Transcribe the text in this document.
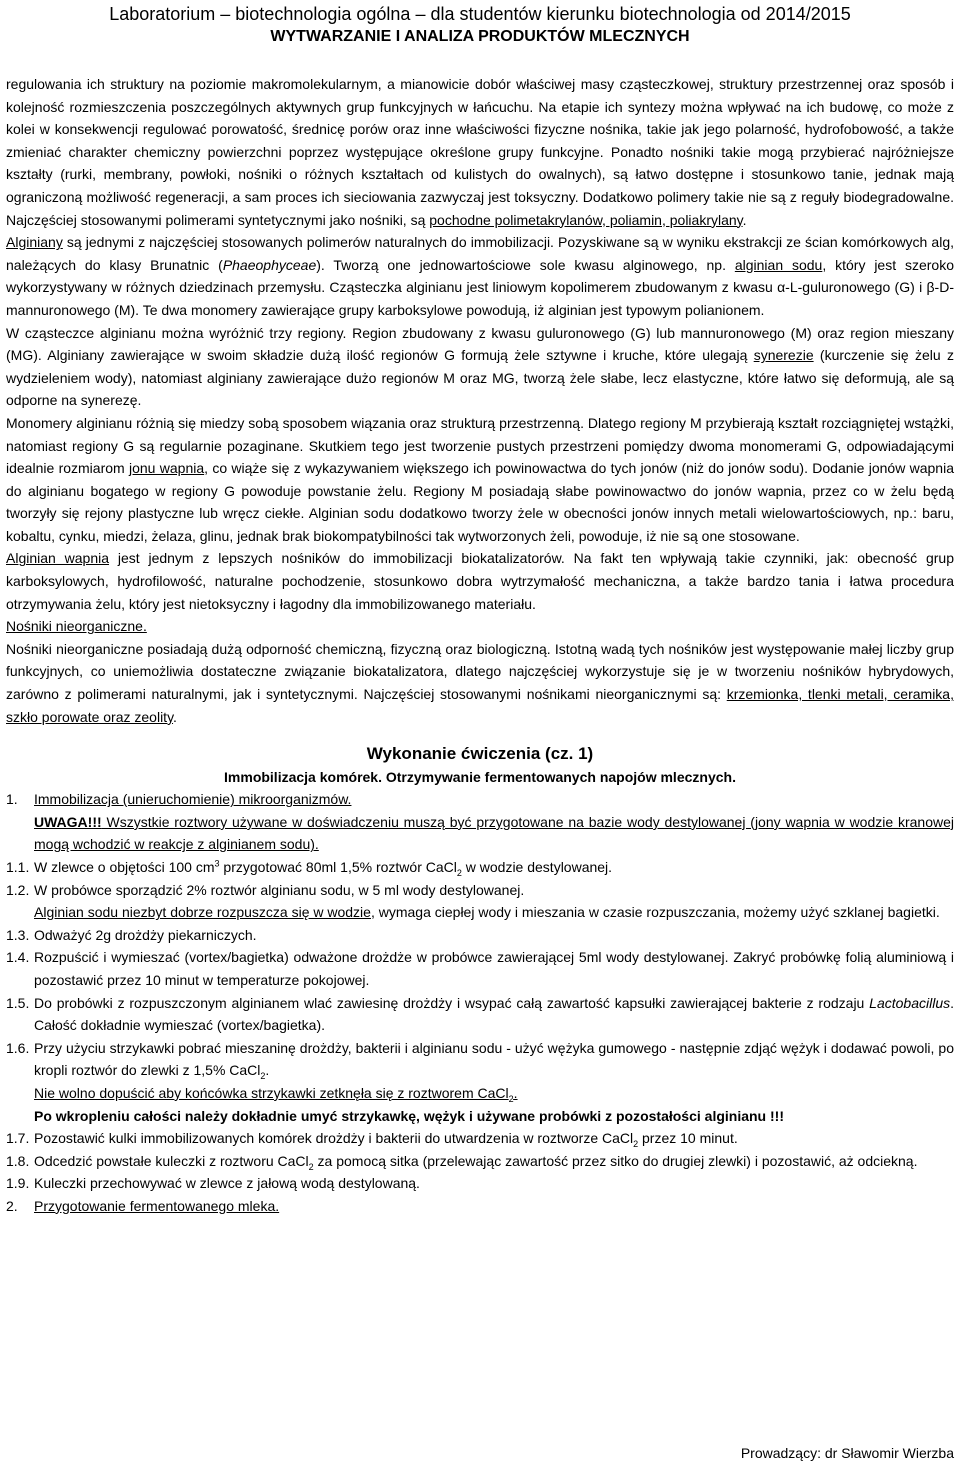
Laboratorium – biotechnologia ogólna – dla studentów kierunku biotechnologia od 2014/2015
WYTWARZANIE I ANALIZA PRODUKTÓW MLECZNYCH

regulowania ich struktury na poziomie makromolekularnym, a mianowicie dobór właściwej masy cząsteczkowej, struktury przestrzennej oraz sposób i kolejność rozmieszczenia poszczególnych aktywnych grup funkcyjnych w łańcuchu. Na etapie ich syntezy można wpływać na ich budowę, co może z kolei w konsekwencji regulować porowatość, średnicę porów oraz inne właściwości fizyczne nośnika, takie jak jego polarność, hydrofobowość, a także zmieniać charakter chemiczny powierzchni poprzez występujące określone grupy funkcyjne. Ponadto nośniki takie mogą przybierać najróżniejsze kształty (rurki, membrany, powłoki, nośniki o różnych kształtach od kulistych do owalnych), są łatwo dostępne i stosunkowo tanie, jednak mają ograniczoną możliwość regeneracji, a sam proces ich sieciowania zazwyczaj jest toksyczny. Dodatkowo polimery takie nie są z reguły biodegradowalne. Najczęściej stosowanymi polimerami syntetycznymi jako nośniki, są pochodne polimetakrylanów, poliamin, poliakrylany.

Alginiany są jednymi z najczęściej stosowanych polimerów naturalnych do immobilizacji. Pozyskiwane są w wyniku ekstrakcji ze ścian komórkowych alg, należących do klasy Brunatnic (Phaeophyceae). Tworzą one jednowartościowe sole kwasu alginowego, np. alginian sodu, który jest szeroko wykorzystywany w różnych dziedzinach przemysłu. Cząsteczka alginianu jest liniowym kopolimerem zbudowanym z kwasu α-L-guluronowego (G) i β-D-mannuronowego (M). Te dwa monomery zawierające grupy karboksylowe powodują, iż alginian jest typowym polianionem.

W cząsteczce alginianu można wyróżnić trzy regiony. Region zbudowany z kwasu guluronowego (G) lub mannuronowego (M) oraz region mieszany (MG). Alginiany zawierające w swoim składzie dużą ilość regionów G formują żele sztywne i kruche, które ulegają synerezie (kurczenie się żelu z wydzieleniem wody), natomiast alginiany zawierające dużo regionów M oraz MG, tworzą żele słabe, lecz elastyczne, które łatwo się deformują, ale są odporne na synerezę.

Monomery alginianu różnią się miedzy sobą sposobem wiązania oraz strukturą przestrzenną. Dlatego regiony M przybierają kształt rozciągniętej wstążki, natomiast regiony G są regularnie pozaginane. Skutkiem tego jest tworzenie pustych przestrzeni pomiędzy dwoma monomerami G, odpowiadającymi idealnie rozmiarom jonu wapnia, co wiąże się z wykazywaniem większego ich powinowactwa do tych jonów (niż do jonów sodu). Dodanie jonów wapnia do alginianu bogatego w regiony G powoduje powstanie żelu. Regiony M posiadają słabe powinowactwo do jonów wapnia, przez co w żelu będą tworzyły się rejony plastyczne lub wręcz ciekłe. Alginian sodu dodatkowo tworzy żele w obecności jonów innych metali wielowartościowych, np.: baru, kobaltu, cynku, miedzi, żelaza, glinu, jednak brak biokompatybilności tak wytworzonych żeli, powoduje, iż nie są one stosowane.

Alginian wapnia jest jednym z lepszych nośników do immobilizacji biokatalizatorów. Na fakt ten wpływają takie czynniki, jak: obecność grup karboksylowych, hydrofilowość, naturalne pochodzenie, stosunkowo dobra wytrzymałość mechaniczna, a także bardzo tania i łatwa procedura otrzymywania żelu, który jest nietoksyczny i łagodny dla immobilizowanego materiału.

Nośniki nieorganiczne.

Nośniki nieorganiczne posiadają dużą odporność chemiczną, fizyczną oraz biologiczną. Istotną wadą tych nośników jest występowanie małej liczby grup funkcyjnych, co uniemożliwia dostateczne związanie biokatalizatora, dlatego najczęściej wykorzystuje się je w tworzeniu nośników hybrydowych, zarówno z polimerami naturalnymi, jak i syntetycznymi. Najczęściej stosowanymi nośnikami nieorganicznymi są: krzemionka, tlenki metali, ceramika, szkło porowate oraz zeolity.

Wykonanie ćwiczenia (cz. 1)
Immobilizacja komórek. Otrzymywanie fermentowanych napojów mlecznych.
1.	Immobilizacja (unieruchomienie) mikroorganizmów.
UWAGA!!! Wszystkie roztwory używane w doświadczeniu muszą być przygotowane na bazie wody destylowanej (jony wapnia w wodzie kranowej mogą wchodzić w reakcje z alginianem sodu).
1.1. W zlewce o objętości 100 $cm^3$ przygotować 80ml 1,5% roztwór CaCl$_2$ w wodzie destylowanej.
1.2. W probówce sporządzić 2% roztwór alginianu sodu, w 5 ml wody destylowanej.
Alginian sodu niezbyt dobrze rozpuszcza się w wodzie, wymaga ciepłej wody i mieszania w czasie rozpuszczania, możemy użyć szklanej bagietki.
1.3. Odważyć 2g drożdży piekarniczych.
1.4. Rozpuścić i wymieszać (vortex/bagietka) odważone drożdże w probówce zawierającej 5ml wody destylowanej. Zakryć probówkę folią aluminiową i pozostawić przez 10 minut w temperaturze pokojowej.
1.5. Do probówki z rozpuszczonym alginianem wlać zawiesinę drożdży i wsypać całą zawartość kapsułki zawierającej bakterie z rodzaju Lactobacillus. Całość dokładnie wymieszać (vortex/bagietka).
1.6. Przy użyciu strzykawki pobrać mieszaninę drożdży, bakterii i alginianu sodu - użyć wężyka gumowego - następnie zdjąć wężyk i dodawać powoli, po kropli roztwór do zlewki z 1,5% CaCl$_2$.
Nie wolno dopuścić aby końcówka strzykawki zetknęła się z roztworem CaCl$_2$.
Po wkropleniu całości należy dokładnie umyć strzykawkę, wężyk i używane probówki z pozostałości alginianu !!!
1.7. Pozostawić kulki immobilizowanych komórek drożdży i bakterii do utwardzenia w roztworze CaCl$_2$ przez 10 minut.
1.8. Odcedzić powstałe kuleczki z roztworu CaCl$_2$ za pomocą sitka (przelewając zawartość przez sitko do drugiej zlewki) i pozostawić, aż odciekną.
1.9. Kuleczki przechowywać w zlewce z jałową wodą destylowaną.
2.	Przygotowanie fermentowanego mleka.
Prowadzący: dr Sławomir Wierzba
